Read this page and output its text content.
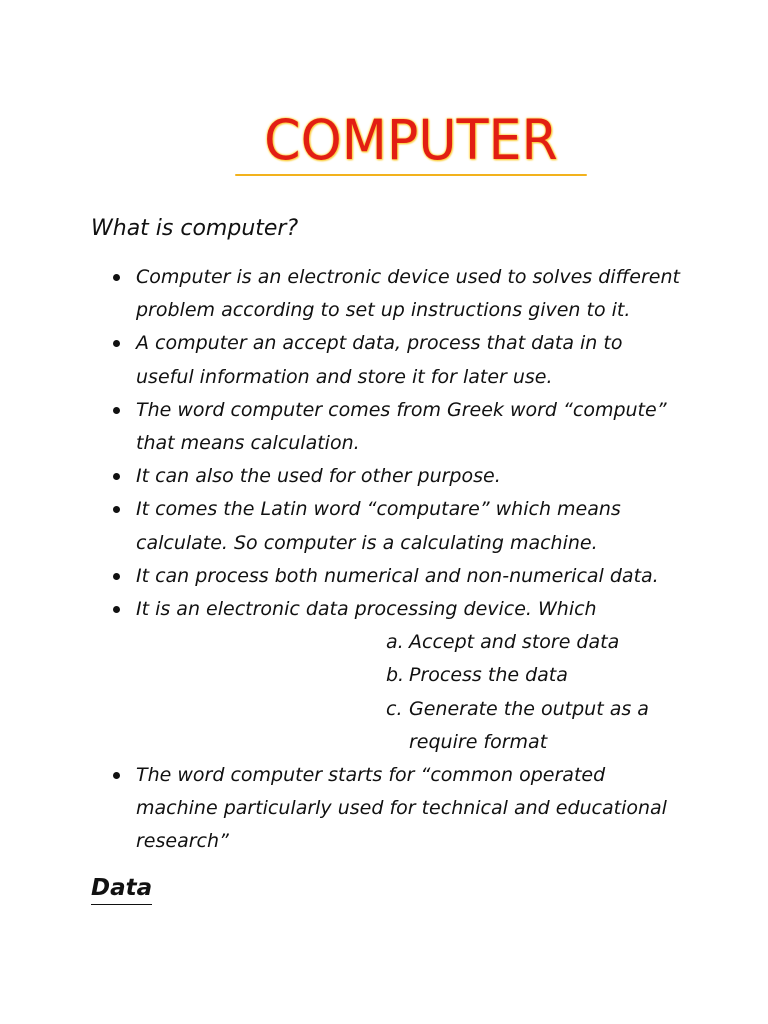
COMPUTER
What is computer?
Computer is an electronic device used to solves different
problem according to set up instructions given to it.
A computer an accept data, process that data in to
useful information and store it for later use.
The word computer comes from Greek word “compute”
that means calculation.
It can also the used for other purpose.
It comes the Latin word “computare” which means
calculate. So computer is a calculating machine.
It can process both numerical and non-numerical data.
It is an electronic data processing device. Which
a. Accept and store data
b. Process the data
c. Generate the output as a
require format
The word computer starts for “common operated
machine particularly used for technical and educational
research”
Data
